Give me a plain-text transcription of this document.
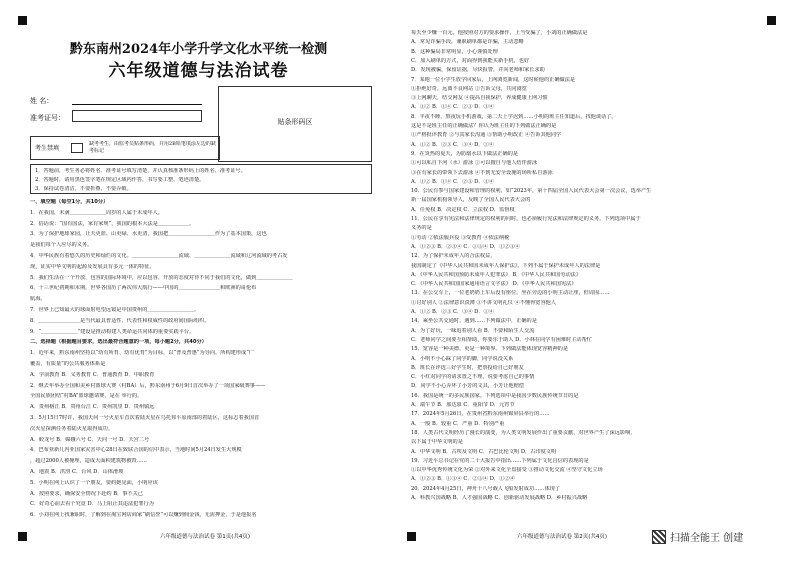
黔东南州2024年小学升学文化水平统一检测
六年级道德与法治试卷
姓 名：
准考证号：	贴条形码区
考生禁填
缺考考生，由监考员贴条形码，并用2B铅笔填涂左边的缺考标记
1．答题前，考生务必将姓名、准考证号填写清楚，并认真核准条形码上的姓名、准考证号。
2．答题时，请用黑色签字笔在规定区域内作答，书写要工整、笔迹清楚。
3．保持试卷清洁，不要折叠、不要弄破。
一、填空题（每空1分，共10分）
1．在我国，未满＿＿＿＿＿＿＿周岁的人属于未成年人。
2．俗话说：“国有国法，家有家规”，我国的根本大法是＿＿＿＿＿＿。
3．为了保护地球家园，让天更蓝、山更绿、水更清，我国把＿＿＿＿＿＿＿＿＿作为了基本国策，这也
是我们每个人应尽的义务。
4．中华民族有着悠久的历史和灿烂的文化。＿＿＿＿＿＿＿＿＿流域、＿＿＿＿＿＿＿流域和辽河流域的考古发
现，证实中华文明的起源及发展具有多元一体的特征。
5．我们生活在一个开放、包容的国际环境中，应以包容、开放的态度对待不同于我们的文化，做到＿＿＿＿＿＿＿
6．十三世纪初期和末期，世界各国历了两次伟大航行——中国的＿＿＿＿＿＿＿＿和欧洲的哥伦布
航海。
7．世界上已知最大的球面射电望远镜是中国贵州的＿＿＿＿＿＿＿＿＿。
8．＿＿＿＿＿＿＿＿是当代最具普适性、代表性和权威性的政府间国际组织。
9．“＿＿＿＿＿＿＿”建设是推动构建人类命运共同体的重要实践平台。
二、选择题（根据题目要求，选出最符合题意的一项，每小题2分，共40分）
1．近年来，黔东南州坚持以“幼有所育、幼有优育”为目标，以“普及普惠”为导向，所构建形成“广
覆盖、有质量”的公共服务体系是
A．学前教育 B．义务教育 C．普通教育 D．中职教育
2．继去年举办全国和美乡村篮球大赛（村BA）后，黔东南州于6月9日首次举办了一项国家级赛事——
全国民族团结“村BA”篮球邀请赛，是在 举行的。
A．贵州榕江 B．贵州台江 C．贵州凯里 D．贵州镇远
3．5月15日7时许，我国天问一号火星车首次着陆火星在乌托邦平原南部的着陆区，这标志着我国首
次火星探测任务着陆火星取得成功。
A．蛟龙号 B．嫦娥六号 C．天问一号 D．天宫二号
4．巴布亚新几内亚国家灾害中心28日在致联合国的信中表示，当地时间5月24日发生大规模
，超过2000人被掩埋，造成大面积建筑物被毁……
A．地震 B．洪涝 C．台风 D．山体滑坡
5．小明在网上认识了一个朋友，要约她见面，小明应该
A．按照要求，确保安全情况下赴约 B．事不关己
C．好奇心前去看个究竟 D．马上阻止其违法犯罪行为
6．小刘在网上找兼职时，了解到在淘宝网店商家“刷信誉”可以赚到佣金钱，无需押金，于是他报名
六年级道德与法治试卷 第1页(共4页)
每天至少赚一百元，他按照对方的要求操作，上当受骗了，小刘的正确做法是
A．常见诈骗手段，兼职刷单都是诈骗，主动忽略
B．这种骗局非常明显，小心谨慎处理
C．加入刷单的方式，对面得到我能买新手机，也好
D．发现被骗，保留证据，尽快报警，并向老师和家长求助
7．某地一位小学生放学回家后，上网浏览新闻，这时候他的正确做法是
①拒绝好奇，远离不良网站 ②告诉父母，共同浏览
③上网聊天，结交网友 ④提高自我保护，养成健康上网习惯
A．①② B．①④ C．②③ D．③④
8．半夜不睡，熬夜玩手机游戏，第二天上学迟到……小明的班主任知道后，找他谈话了。
这是不是班主任的正确做法？你认为班主任的下列做法正确的是
①严格批评教育 ②与其家长沟通 ③帮助小明改正 ④告诉其他同学
A．①② B．②③ C．③④ D．①④
9．在炎热的夏天，为防溺水以下做法正确的是
①可以私自下河（水）游泳 ②可以擅自与他人结伴游泳
③在有家长的带领下去游泳 ④不到无安全设施的场所私自游泳
A．①② B．①④ C．②③ D．③④
10．公民有参与国家建设和管理的权利，如“2023年，第十四届全国人民代表大会第一次会议，选举产生
新一届国家机构领导人，反映了全国人民代表大会的
A．任免权 B．决定权 C．立法权 D．监督权
11．公民在享有宪法和法律规定的权利的同时，也必须履行宪法和法律规定的义务。下列选项中属于
义务的是
①劳动 ②依法服兵役 ③受教育 ④依法纳税
A．①②③ B．②③④ C．①③④ D．①②③④
12．为了保护未成年人的合法权益，
我国制定了《中华人民共和国未成年人保护法》。下列不属于保护未成年人的法律是
A．《中华人民共和国预防未成年人犯罪法》 B．《中华人民共和国劳动法》
C．《中华人民共和国国家通用语言文字法》 D．《中华人民共和国宪法》
13．在公交车上，一位老奶奶上车后没有座位，坐在旁边的小明主动让座，但周围……
①讨好别人 ②法律意识淡薄 ③不讲文明礼仪 ④不懂得宽容他人
A．①② B．②③ C．③④ D．①④
14．乘坐公共交通时，遇到……下列做法中，正确的是
A．为了好玩，一味追着别人看 B．不要和陌生人交流
C．老师同学之间要互相帮助，你要乐于助人 D．小林在同学有困难时主动帮忙
15．宽容是一种美德，更是一种境界。下列做法能体现宽容精神的是
A．小明不小心踩了同学的脚，同学说没关系
B．班长在评选三好学生时，把票投给自己好朋友
C．小红对同学的请求置之不理，说要考虑自己的事情
D．同学不小心弄坏了小芳的文具，小芳让他赔偿
16．我国是统一的多民族国家。下列选项中是我国少数民族传统节日的是
A．端午节 B．那达慕 C．重阳节 D．元宵节
17．2024年5月26日，在贵州省黔东南州锦屏县举行的……
A．一般 B．较重 C．严重 D．特别严重
18．人类古代文明经历了漫长的演变，为人类文明发展作出了重要贡献，对世界产生了深远影响，
以下属于中华文明的是
A．中华文明 B．古埃及文明 C．古巴比伦文明 D．古印度文明
19．习近平总书记在党的二十大报告中指出……下列属于文化自信的表现的是
①以中华优秀传统文化为荣 ②对外来文化全盘接受 ③推动文化交流 ④坚守文化立场
A．①②③ B．①③④ C．②③④ D．①②④
20．2024年4月25日，神舟十八号载人飞船发射成功……体现了
A．科教兴国战略 B．人才强国战略 C．创新驱动发展战略 D．乡村振兴战略
六年级道德与法治试卷 第2页(共4页)	扫描全能王 创建
